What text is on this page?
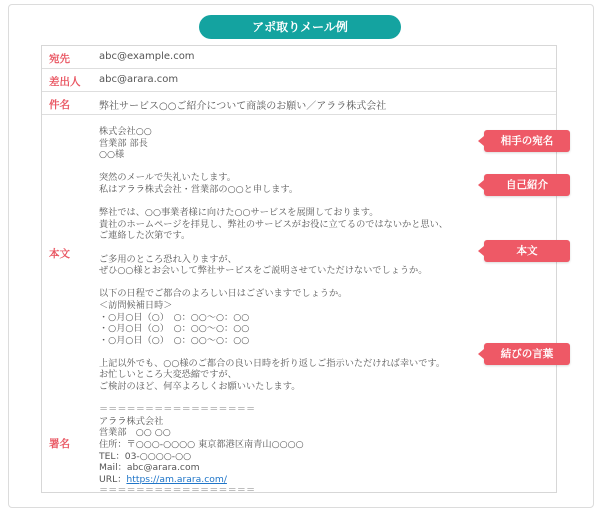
アポ取りメール例
宛先	abc@example.com
差出人 abc@arara.com
件名	弊社サービス○○ご紹介について商談のお願い／アララ株式会社
本文
署名
株式会社○○
営業部 部長
○○様
突然のメールで失礼いたします。
私はアララ株式会社・営業部の○○と申します。
弊社では、○○事業者様に向けた○○サービスを展開しております。
貴社のホームページを拝見し、弊社のサービスがお役に立てるのではないかと思い、
ご連絡した次第です。
ご多用のところ恐れ入りますが、
ぜひ○○様とお会いして弊社サービスをご説明させていただけないでしょうか。
以下の日程でご都合のよろしい日はございますでしょうか。
＜訪問候補日時＞
・○月○日（○）　○：○○～○：○○
・○月○日（○）　○：○○～○：○○
・○月○日（○）　○：○○～○：○○
上記以外でも、○○様のご都合の良い日時を折り返しご指示いただければ幸いです。
お忙しいところ大変恐縮ですが、
ご検討のほど、何卒よろしくお願いいたします。
＝＝＝＝＝＝＝＝＝＝＝＝＝＝＝＝＝
アララ株式会社
営業部　○○ ○○
住所：〒○○○-○○○○ 東京都港区南青山○○○○
TEL：03-○○○○-○○
Mail：abc@arara.com
URL：https://am.arara.com/
＝＝＝＝＝＝＝＝＝＝＝＝＝＝＝＝＝
相手の宛名
自己紹介
本文
結びの言葉
